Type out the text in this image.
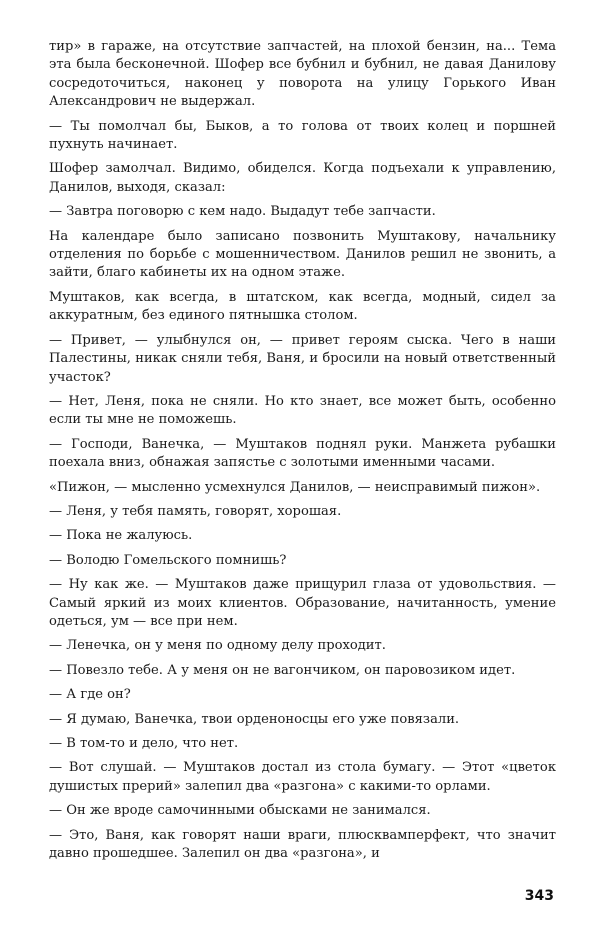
тир» в гараже, на отсутствие запчастей, на плохой бензин, на... Тема эта была бесконечной. Шофер все бубнил и бубнил, не давая Данилову сосредоточиться, наконец у поворота на улицу Горького Иван Александрович не выдержал.

— Ты помолчал бы, Быков, а то голова от твоих колец и поршней пухнуть начинает.

Шофер замолчал. Видимо, обиделся. Когда подъехали к управлению, Данилов, выходя, сказал:

— Завтра поговорю с кем надо. Выдадут тебе запчасти.

На календаре было записано позвонить Муштакову, начальнику отделения по борьбе с мошенничеством. Данилов решил не звонить, а зайти, благо кабинеты их на одном этаже.

Муштаков, как всегда, в штатском, как всегда, модный, сидел за аккуратным, без единого пятнышка столом.

— Привет, — улыбнулся он, — привет героям сыска. Чего в наши Палестины, никак сняли тебя, Ваня, и бросили на новый ответственный участок?

— Нет, Леня, пока не сняли. Но кто знает, все может быть, особенно если ты мне не поможешь.

— Господи, Ванечка, — Муштаков поднял руки. Манжета рубашки поехала вниз, обнажая запястье с золотыми именными часами.

«Пижон, — мысленно усмехнулся Данилов, — неисправимый пижон».

— Леня, у тебя память, говорят, хорошая.

— Пока не жалуюсь.

— Володю Гомельского помнишь?

— Ну как же. — Муштаков даже прищурил глаза от удовольствия. — Самый яркий из моих клиентов. Образование, начитанность, умение одеться, ум — все при нем.

— Ленечка, он у меня по одному делу проходит.

— Повезло тебе. А у меня он не вагончиком, он паровозиком идет.

— А где он?

— Я думаю, Ванечка, твои орденоносцы его уже повязали.

— В том-то и дело, что нет.

— Вот слушай. — Муштаков достал из стола бумагу. — Этот «цветок душистых прерий» залепил два «разгона» с какими-то орлами.

— Он же вроде самочинными обысками не занимался.

— Это, Ваня, как говорят наши враги, плюсквамперфект, что значит давно прошедшее. Залепил он два «разгона», и

343
